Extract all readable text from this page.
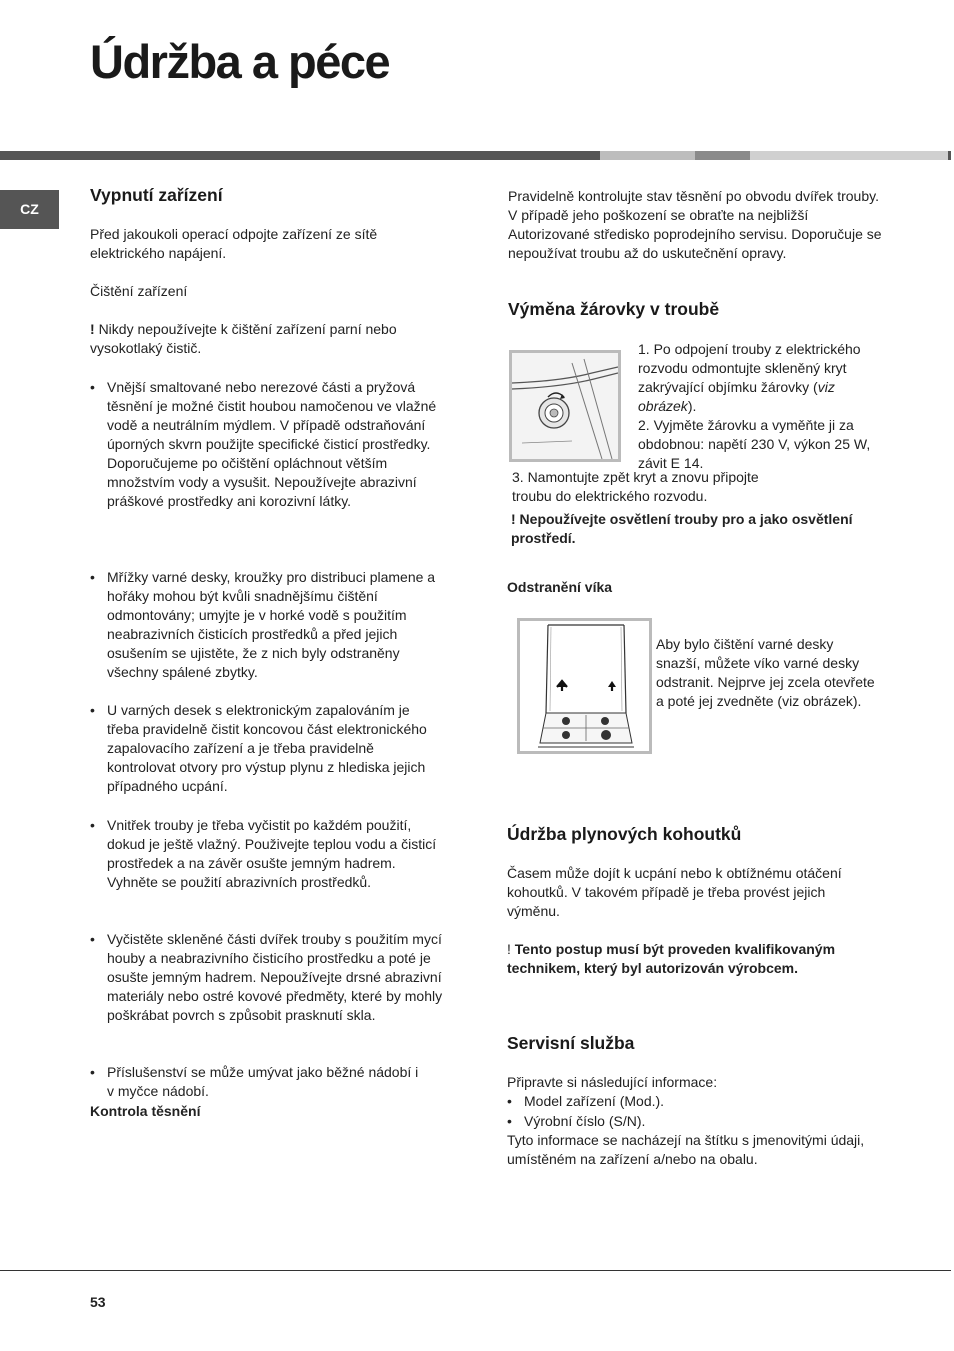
Údržba a péce
CZ
Vypnutí zařízení
Před jakoukoli operací odpojte zařízení ze sítě elektrického napájení.
Čištění zařízení
! Nikdy nepoužívejte k čištění zařízení parní nebo vysokotlaký čistič.
• Vnější smaltované nebo nerezové části a pryžová těsnění je možné čistit houbou namočenou ve vlažné vodě a neutrálním mýdlem. V případě odstraňování úporných skvrn použijte specifické čisticí prostředky. Doporučujeme po očištění opláchnout větším množstvím vody a vysušit. Nepoužívejte abrazivní práškové prostředky ani korozivní látky.
• Mřížky varné desky, kroužky pro distribuci plamene a hořáky mohou být kvůli snadnějšímu čištění odmontovány; umyjte je v horké vodě s použitím neabrazivních čisticích prostředků a před jejich osušením se ujistěte, že z nich byly odstraněny všechny spálené zbytky.
• U varných desek s elektronickým zapalováním je třeba pravidelně čistit koncovou část elektronického zapalovacího zařízení a je třeba pravidelně kontrolovat otvory pro výstup plynu z hlediska jejich případného ucpání.
• Vnitřek trouby je třeba vyčistit po každém použití, dokud je ještě vlažný. Použivejte teplou vodu a čisticí prostředek a na závěr osušte jemným hadrem. Vyhněte se použití abrazivních prostředků.
• Vyčistěte skleněné části dvířek trouby s použitím mycí houby a neabrazivního čisticího prostředku a poté je osušte jemným hadrem. Nepoužívejte drsné abrazivní materiály nebo ostré kovové předměty, které by mohly poškrábat povrch s způsobit prasknutí skla.
• Příslušenství se může umývat jako běžné nádobí i v myčce nádobí.
Kontrola těsnění
Pravidelně kontrolujte stav těsnění po obvodu dvířek trouby. V případě jeho poškození se obraťte na nejbližší Autorizované středisko poprodejního servisu. Doporučuje se nepoužívat troubu až do uskutečnění opravy.
Výměna žárovky v troubě
1. Po odpojení trouby z elektrického rozvodu odmontujte skleněný kryt zakrývající objímku žárovky (viz obrázek).
2. Vyjměte žárovku a vyměňte ji za obdobnou: napětí 230 V, výkon 25 W, závit E 14.
3. Namontujte zpět kryt a znovu připojte troubu do elektrického rozvodu.
! Nepoužívejte osvětlení trouby pro a jako osvětlení prostředí.
Odstranění víka
Aby bylo čištění varné desky snazší, můžete víko varné desky odstranit. Nejprve jej zcela otevřete a poté jej zvedněte (viz obrázek).
Údržba plynových kohoutků
Časem může dojít k ucpání nebo k obtížnému otáčení kohoutků. V takovém případě je třeba provést jejich výměnu.
! Tento postup musí být proveden kvalifikovaným technikem, který byl autorizován výrobcem.
Servisní služba
Připravte si následující informace:
• Model zařízení (Mod.).
• Výrobní číslo (S/N).
Tyto informace se nacházejí na štítku s jmenovitými údaji, umístěném na zařízení a/nebo na obalu.
53
